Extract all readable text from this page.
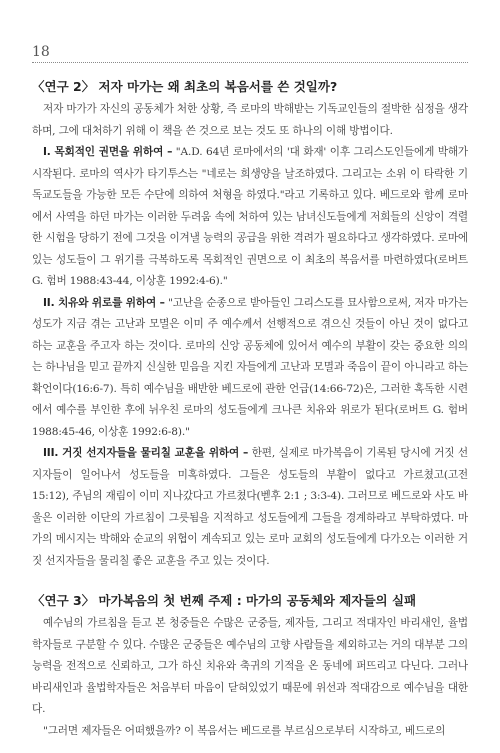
18
〈연구 2〉 저자 마가는 왜 최초의 복음서를 쓴 것일까?

저자 마가가 자신의 공동체가 처한 상황, 즉 로마의 박해받는 기독교인들의 절박한 심정을 생각하며, 그에 대처하기 위해 이 책을 쓴 것으로 보는 것도 또 하나의 이해 방법이다.

I. 목회적인 권면을 위하여 – "A.D. 64년 로마에서의 '대 화재' 이후 그리스도인들에게 박해가 시작된다. 로마의 역사가 타기투스는 "네로는 희생양을 날조하였다. 그리고는 소위 이 타락한 기독교도들을 가능한 모든 수단에 의하여 처형을 하였다."라고 기록하고 있다. 베드로와 함께 로마에서 사역을 하던 마가는 이러한 두려움 속에 처하여 있는 남녀신도들에게 저희들의 신앙이 격렬한 시험을 당하기 전에 그것을 이겨낼 능력의 공급을 위한 격려가 필요하다고 생각하였다. 로마에 있는 성도들이 그 위기를 극복하도록 목회적인 권면으로 이 최초의 복음서를 마련하였다(로버트 G. 험버 1988:43-44, 이상훈 1992:4-6)."

II. 치유와 위로를 위하여 – "고난을 순종으로 받아들인 그리스도를 묘사함으로써, 저자 마가는 성도가 지금 겪는 고난과 모멸은 이미 주 예수께서 선행적으로 겪으신 것들이 아닌 것이 없다고 하는 교훈을 주고자 하는 것이다. 로마의 신앙 공동체에 있어서 예수의 부활이 갖는 중요한 의의는 하나님을 믿고 끝까지 신실한 믿음을 지킨 자들에게 고난과 모멸과 죽음이 끝이 아니라고 하는 확언이다(16:6-7). 특히 예수님을 배반한 베드로에 관한 언급(14:66-72)은, 그러한 혹독한 시련에서 예수를 부인한 후에 뉘우친 로마의 성도들에게 크나큰 치유와 위로가 된다(로버트 G. 험버 1988:45-46, 이상훈 1992:6-8)."

III. 거짓 선지자들을 물리칠 교훈을 위하여 – 한편, 실제로 마가복음이 기록된 당시에 거짓 선지자들이 일어나서 성도들을 미혹하였다. 그들은 성도들의 부활이 없다고 가르쳤고(고전 15:12), 주님의 재림이 이미 지나갔다고 가르쳤다(벧후 2:1 ; 3:3-4). 그러므로 베드로와 사도 바울은 이러한 이단의 가르침이 그릇됨을 지적하고 성도들에게 그들을 경계하라고 부탁하였다. 마가의 메시지는 박해와 순교의 위협이 계속되고 있는 로마 교회의 성도들에게 다가오는 이러한 거짓 선지자들을 물리칠 좋은 교훈을 주고 있는 것이다.

〈연구 3〉 마가복음의 첫 번째 주제 : 마가의 공동체와 제자들의 실패

예수님의 가르침을 듣고 본 청중들은 수많은 군중들, 제자들, 그리고 적대자인 바리새인, 율법학자들로 구분할 수 있다. 수많은 군중들은 예수님의 고향 사람들을 제외하고는 거의 대부분 그의 능력을 전적으로 신뢰하고, 그가 하신 치유와 축귀의 기적을 온 동네에 퍼뜨리고 다닌다. 그러나 바리새인과 율법학자들은 처음부터 마음이 닫혀있었기 때문에 위선과 적대감으로 예수님을 대한다.

"그러면 제자들은 어떠했을까? 이 복음서는 베드로를 부르심으로부터 시작하고, 베드로의
